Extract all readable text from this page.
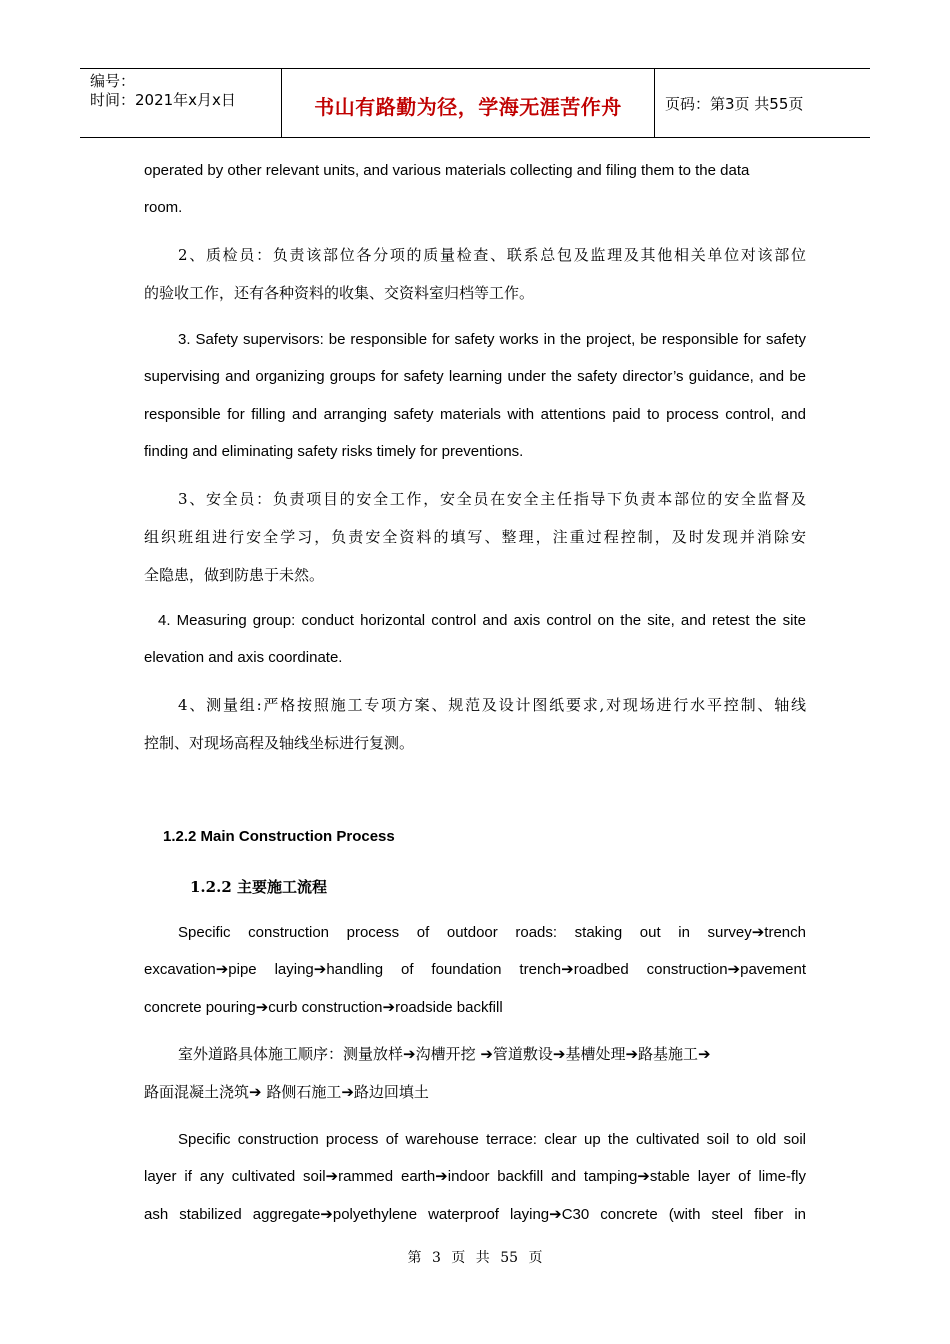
编号：
时间：2021年x月x日	书山有路勤为径，学海无涯苦作舟	页码：第3页 共55页
operated by other relevant units, and various materials collecting and filing them to the data
room.
2、质检员：负责该部位各分项的质量检查、联系总包及监理及其他相关单位对该部位
的验收工作，还有各种资料的收集、交资料室归档等工作。
3. Safety supervisors: be responsible for safety works in the project, be responsible for safety
supervising and organizing groups for safety learning under the safety director’s guidance, and be
responsible for filling and arranging safety materials with attentions paid to process control, and
finding and eliminating safety risks timely for preventions.
3、安全员：负责项目的安全工作，安全员在安全主任指导下负责本部位的安全监督及
组织班组进行安全学习，负责安全资料的填写、整理，注重过程控制，及时发现并消除安
全隐患，做到防患于未然。
4. Measuring group: conduct horizontal control and axis control on the site, and retest the site
elevation and axis coordinate.
4、测量组:严格按照施工专项方案、规范及设计图纸要求,对现场进行水平控制、轴线
控制、对现场高程及轴线坐标进行复测。
1.2.2 Main Construction Process
1.2.2 主要施工流程
Specific construction process of outdoor roads: staking out in survey➔trench
excavation➔pipe laying➔handling of foundation trench➔roadbed construction➔pavement
concrete pouring➔curb construction➔roadside backfill
室外道路具体施工顺序：测量放样➔沟槽开挖 ➔管道敷设➔基槽处理➔路基施工➔
路面混凝土浇筑➔ 路侧石施工➔路边回填土
Specific construction process of warehouse terrace: clear up the cultivated soil to old soil
layer if any cultivated soil➔rammed earth➔indoor backfill and tamping➔stable layer of lime-fly
ash stabilized aggregate➔polyethylene waterproof laying➔C30 concrete (with steel fiber in
第 3 页 共 55 页
